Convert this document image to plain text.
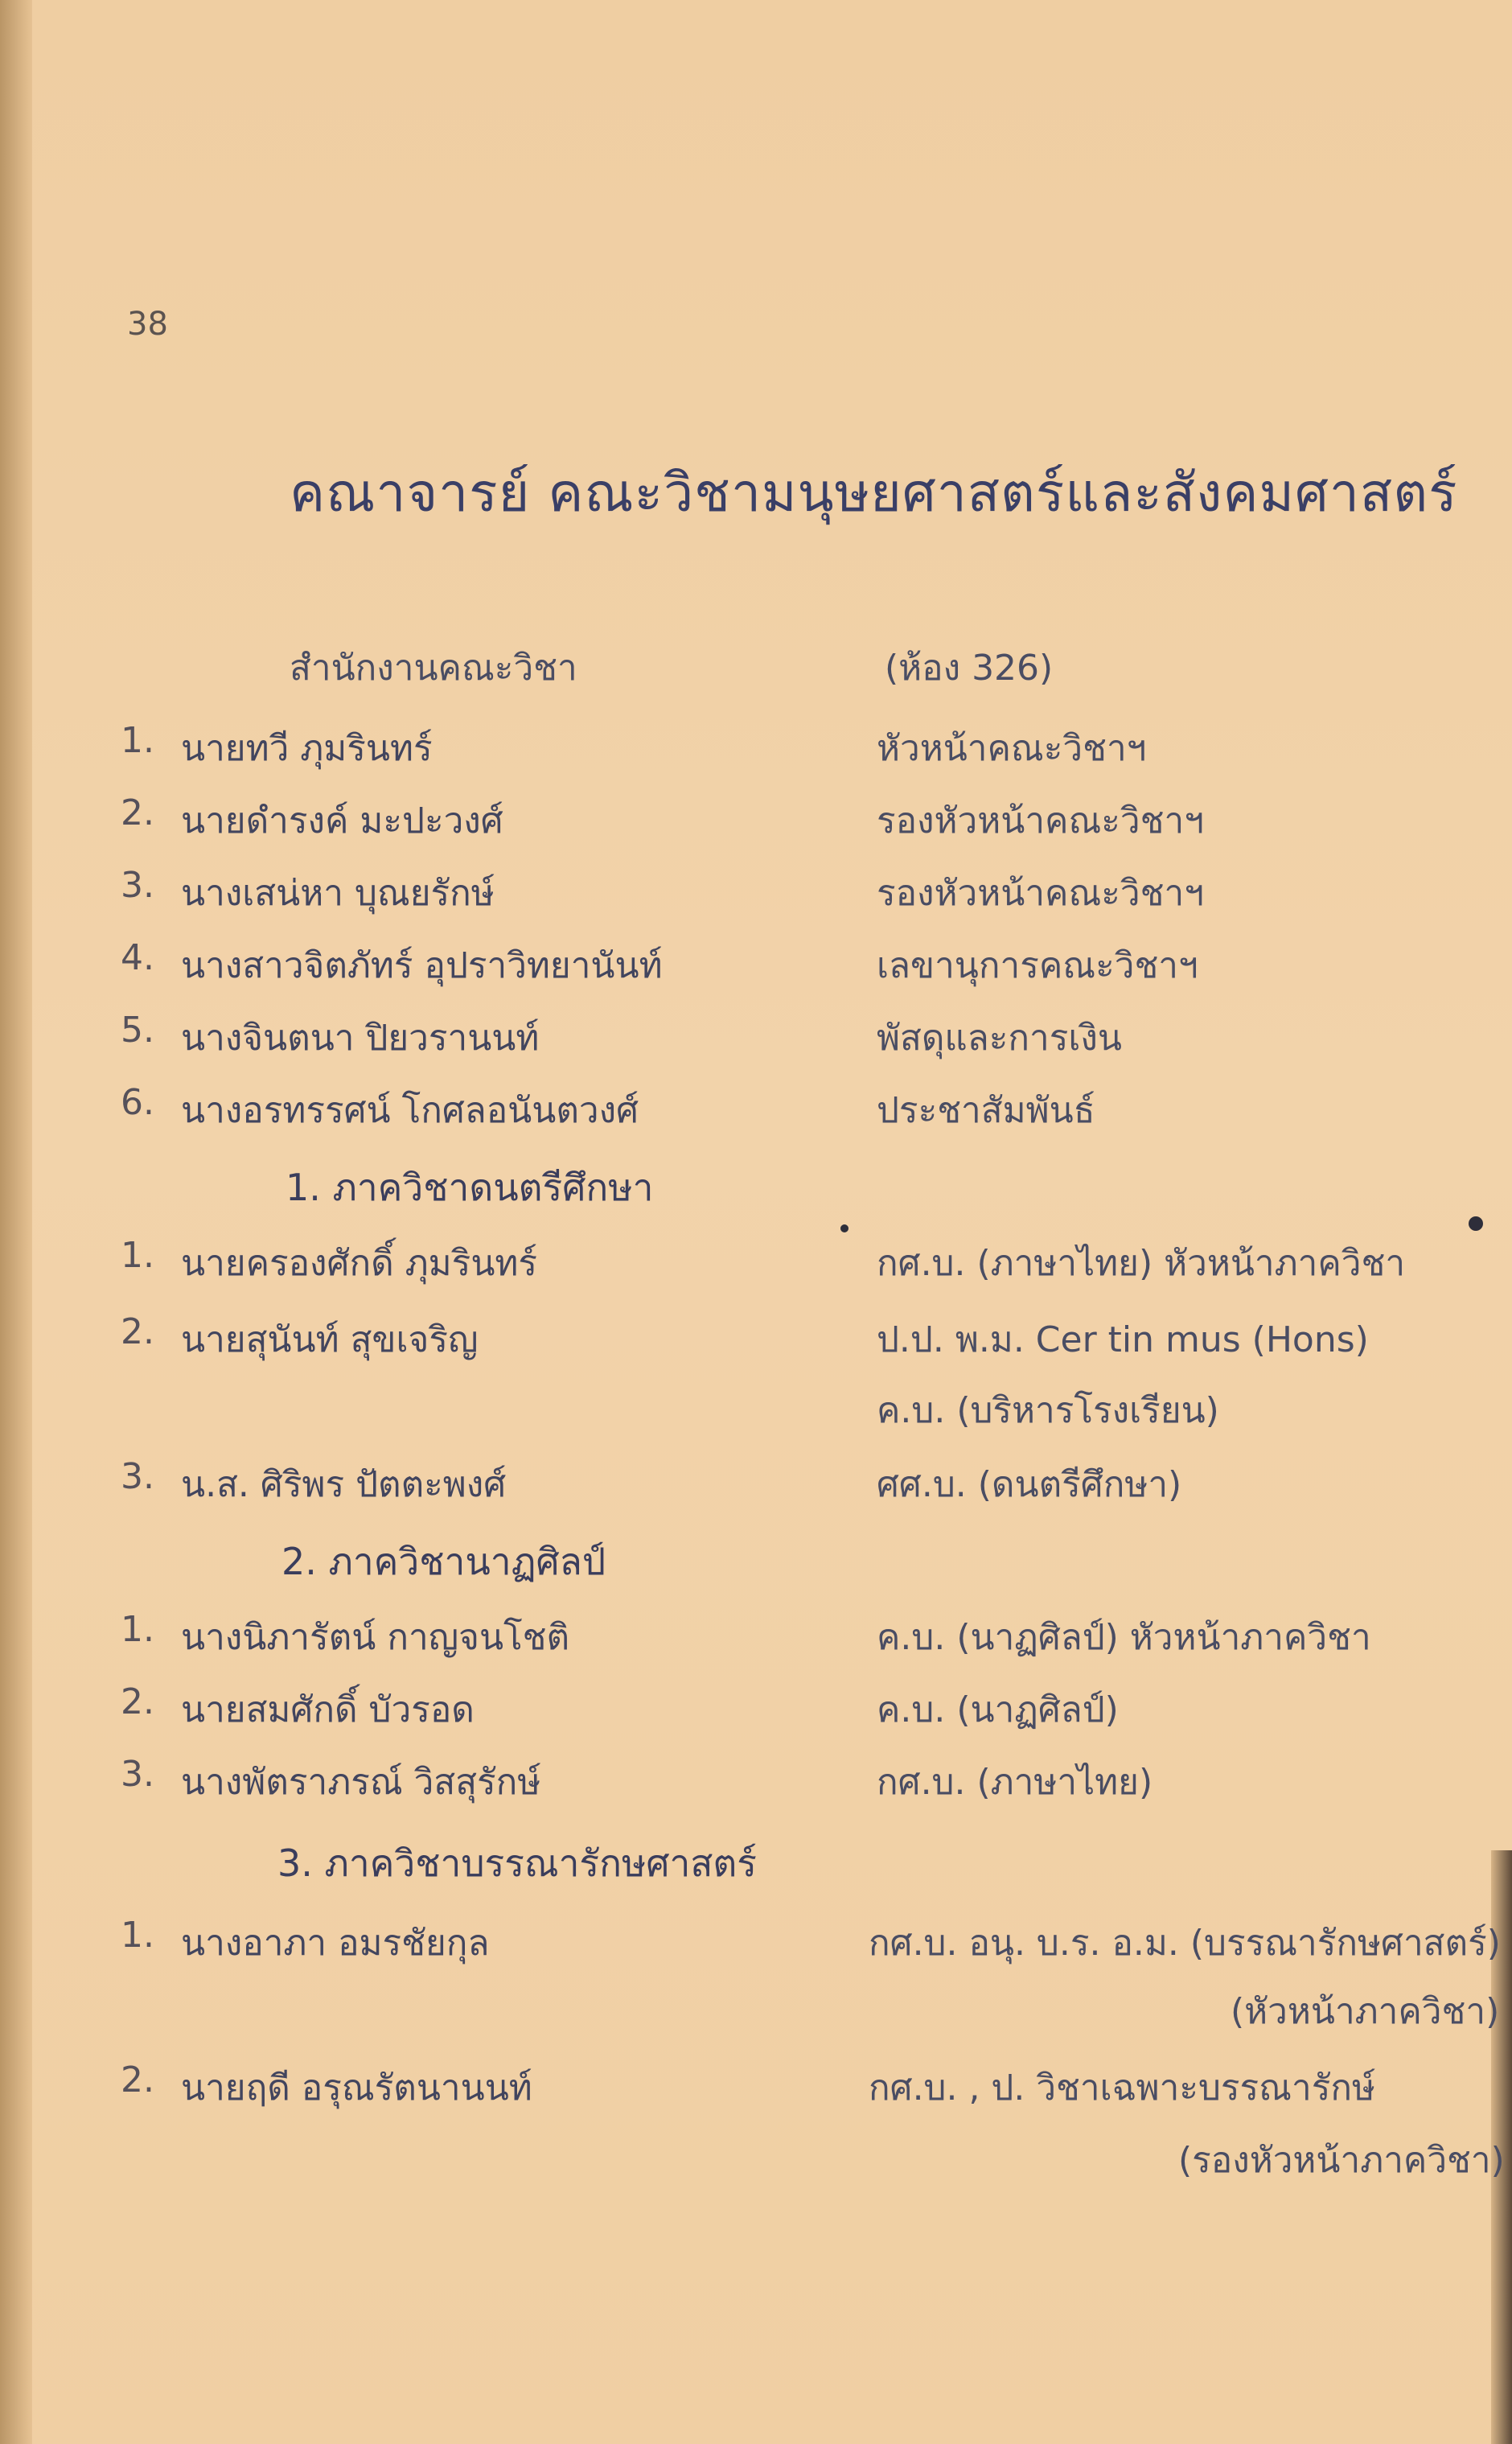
38
คณาจารย์ คณะวิชามนุษยศาสตร์และสังคมศาสตร์
สำนักงานคณะวิชา	(ห้อง 326)
1. นายทวี ภุมรินทร์	หัวหน้าคณะวิชาฯ
2. นายดำรงค์ มะปะวงศ์	รองหัวหน้าคณะวิชาฯ
3. นางเสน่หา บุณยรักษ์	รองหัวหน้าคณะวิชาฯ
4. นางสาวจิตภัทร์ อุปราวิทยานันท์	เลขานุการคณะวิชาฯ
5. นางจินตนา ปิยวรานนท์	พัสดุและการเงิน
6. นางอรทรรศน์ โกศลอนันตวงศ์	ประชาสัมพันธ์
1. ภาควิชาดนตรีศึกษา
1. นายครองศักดิ์ ภุมรินทร์	กศ.บ. (ภาษาไทย) หัวหน้าภาควิชา
2. นายสุนันท์ สุขเจริญ	ป.ป. พ.ม. Cer tin mus (Hons)
ค.บ. (บริหารโรงเรียน)
3. น.ส. ศิริพร ปัตตะพงศ์	ศศ.บ. (ดนตรีศึกษา)
2. ภาควิชานาฏศิลป์
1. นางนิภารัตน์ กาญจนโชติ	ค.บ. (นาฏศิลป์) หัวหน้าภาควิชา
2. นายสมศักดิ์ บัวรอด	ค.บ. (นาฏศิลป์)
3. นางพัตราภรณ์ วิสสุรักษ์	กศ.บ. (ภาษาไทย)
3. ภาควิชาบรรณารักษศาสตร์
1. นางอาภา อมรชัยกุล	กศ.บ. อนุ. บ.ร. อ.ม. (บรรณารักษศาสตร์)
(หัวหน้าภาควิชา)
2. นายฤดี อรุณรัตนานนท์	กศ.บ. , ป. วิชาเฉพาะบรรณารักษ์
(รองหัวหน้าภาควิชา)
